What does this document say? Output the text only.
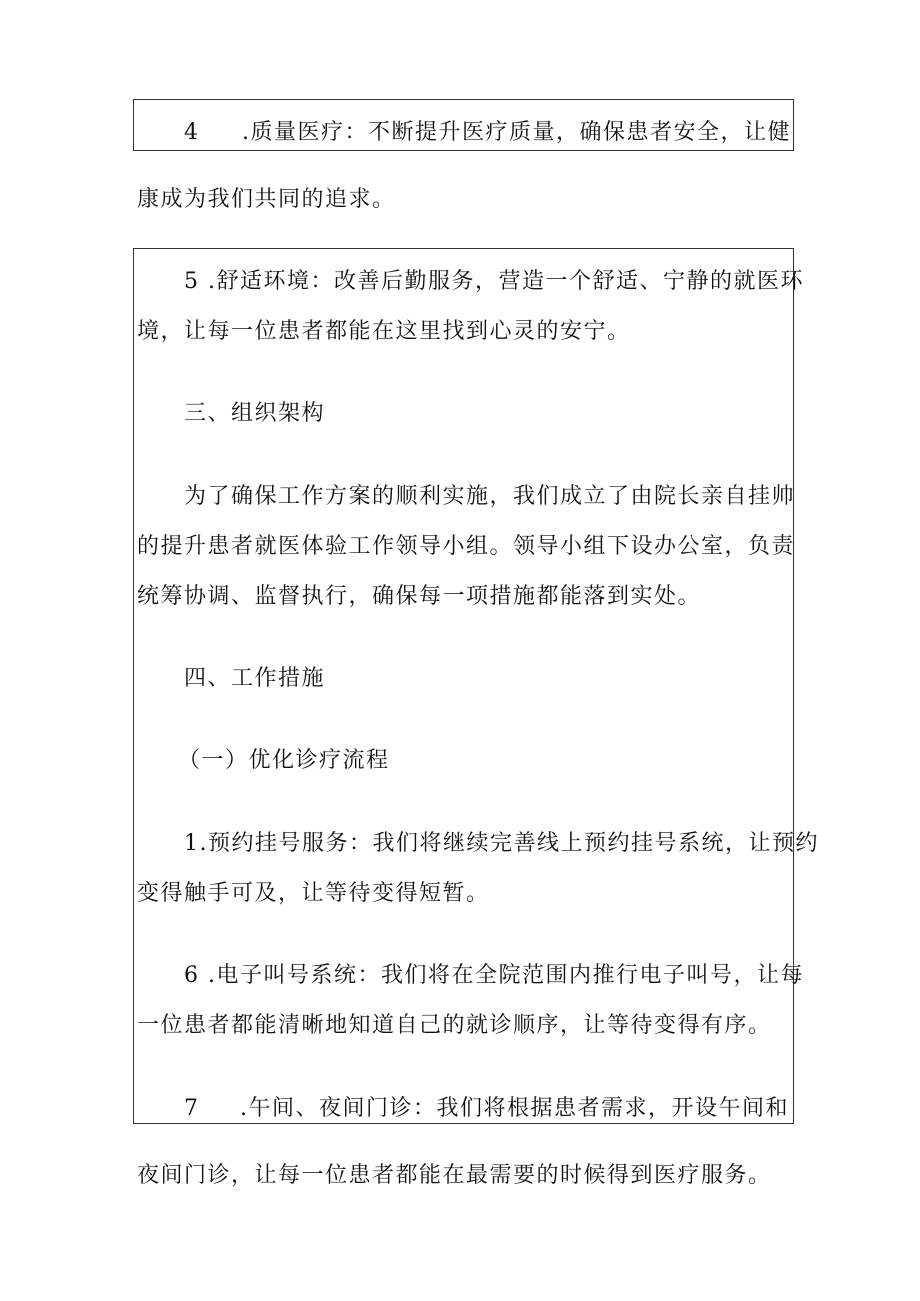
4 .质量医疗：不断提升医疗质量，确保患者安全，让健
康成为我们共同的追求。
5 .舒适环境：改善后勤服务，营造一个舒适、宁静的就医环
境，让每一位患者都能在这里找到心灵的安宁。
三、组织架构
为了确保工作方案的顺利实施，我们成立了由院长亲自挂帅
的提升患者就医体验工作领导小组。领导小组下设办公室，负责
统筹协调、监督执行，确保每一项措施都能落到实处。
四、工作措施
（一）优化诊疗流程
1.预约挂号服务：我们将继续完善线上预约挂号系统，让预约
变得触手可及，让等待变得短暂。
6 .电子叫号系统：我们将在全院范围内推行电子叫号，让每
一位患者都能清晰地知道自己的就诊顺序，让等待变得有序。
7 .午间、夜间门诊：我们将根据患者需求，开设午间和
夜间门诊，让每一位患者都能在最需要的时候得到医疗服务。
